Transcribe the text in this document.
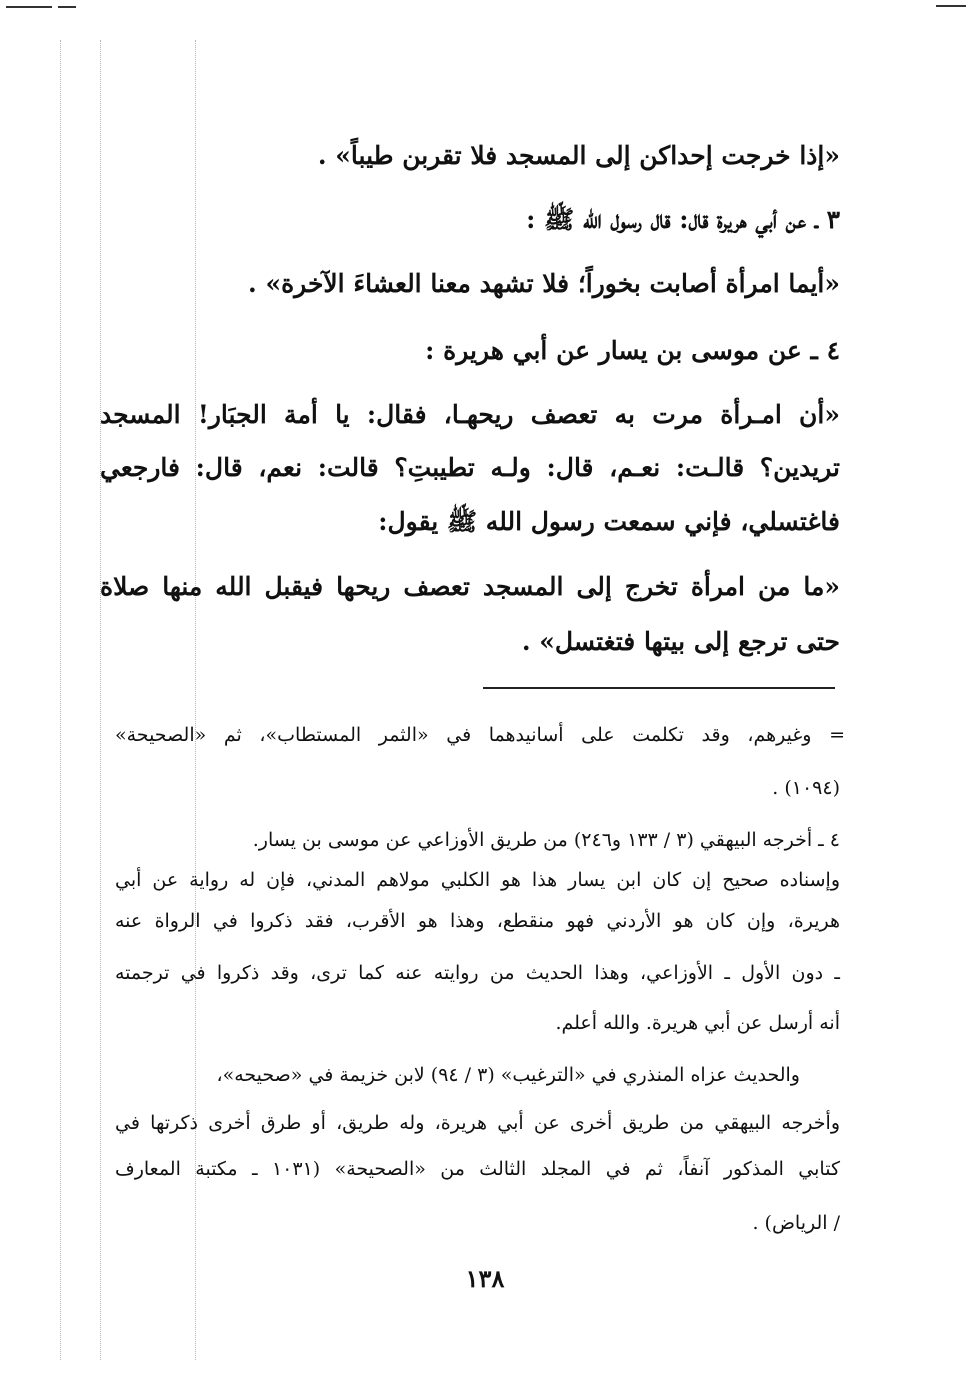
«إذا خرجت إحداكن إلى المسجد فلا تقربن طيباً» .
٣ ـ عن أبي هريرة قال: قال رسول الله ﷺ :
«أيما امرأة أصابت بخوراً؛ فلا تشهد معنا العشاءَ الآخرة» .
٤ ـ عن موسى بن يسار عن أبي هريرة :
«أن امـرأة مرت به تعصف ريحهـا، فقال: يا أمة الجبَار! المسجد
تريدين؟ قالـت: نعـم، قال: ولـه تطيبتِ؟ قالت: نعم، قال: فارجعي
فاغتسلي، فإني سمعت رسول الله ﷺ يقول:
«ما من امرأة تخرج إلى المسجد تعصف ريحها فيقبل الله منها صلاة
حتى ترجع إلى بيتها فتغتسل» .
= وغيرهم، وقد تكلمت على أسانيدهما في «الثمر المستطاب»، ثم «الصحيحة»
(١٠٩٤) .
٤ ـ أخرجه البيهقي (٣ / ١٣٣ و٢٤٦) من طريق الأوزاعي عن موسى بن يسار.
وإسناده صحيح إن كان ابن يسار هذا هو الكلبي مولاهم المدني، فإن له رواية عن أبي
هريرة، وإن كان هو الأردني فهو منقطع، وهذا هو الأقرب، فقد ذكروا في الرواة عنه
ـ دون الأول ـ الأوزاعي، وهذا الحديث من روايته عنه كما ترى، وقد ذكروا في ترجمته
أنه أرسل عن أبي هريرة. والله أعلم.
والحديث عزاه المنذري في «الترغيب» (٣ / ٩٤) لابن خزيمة في «صحيحه»،
وأخرجه البيهقي من طريق أخرى عن أبي هريرة، وله طريق، أو طرق أخرى ذكرتها في
كتابي المذكور آنفاً، ثم في المجلد الثالث من «الصحيحة» (١٠٣١ ـ مكتبة المعارف
/ الرياض) .
١٣٨
